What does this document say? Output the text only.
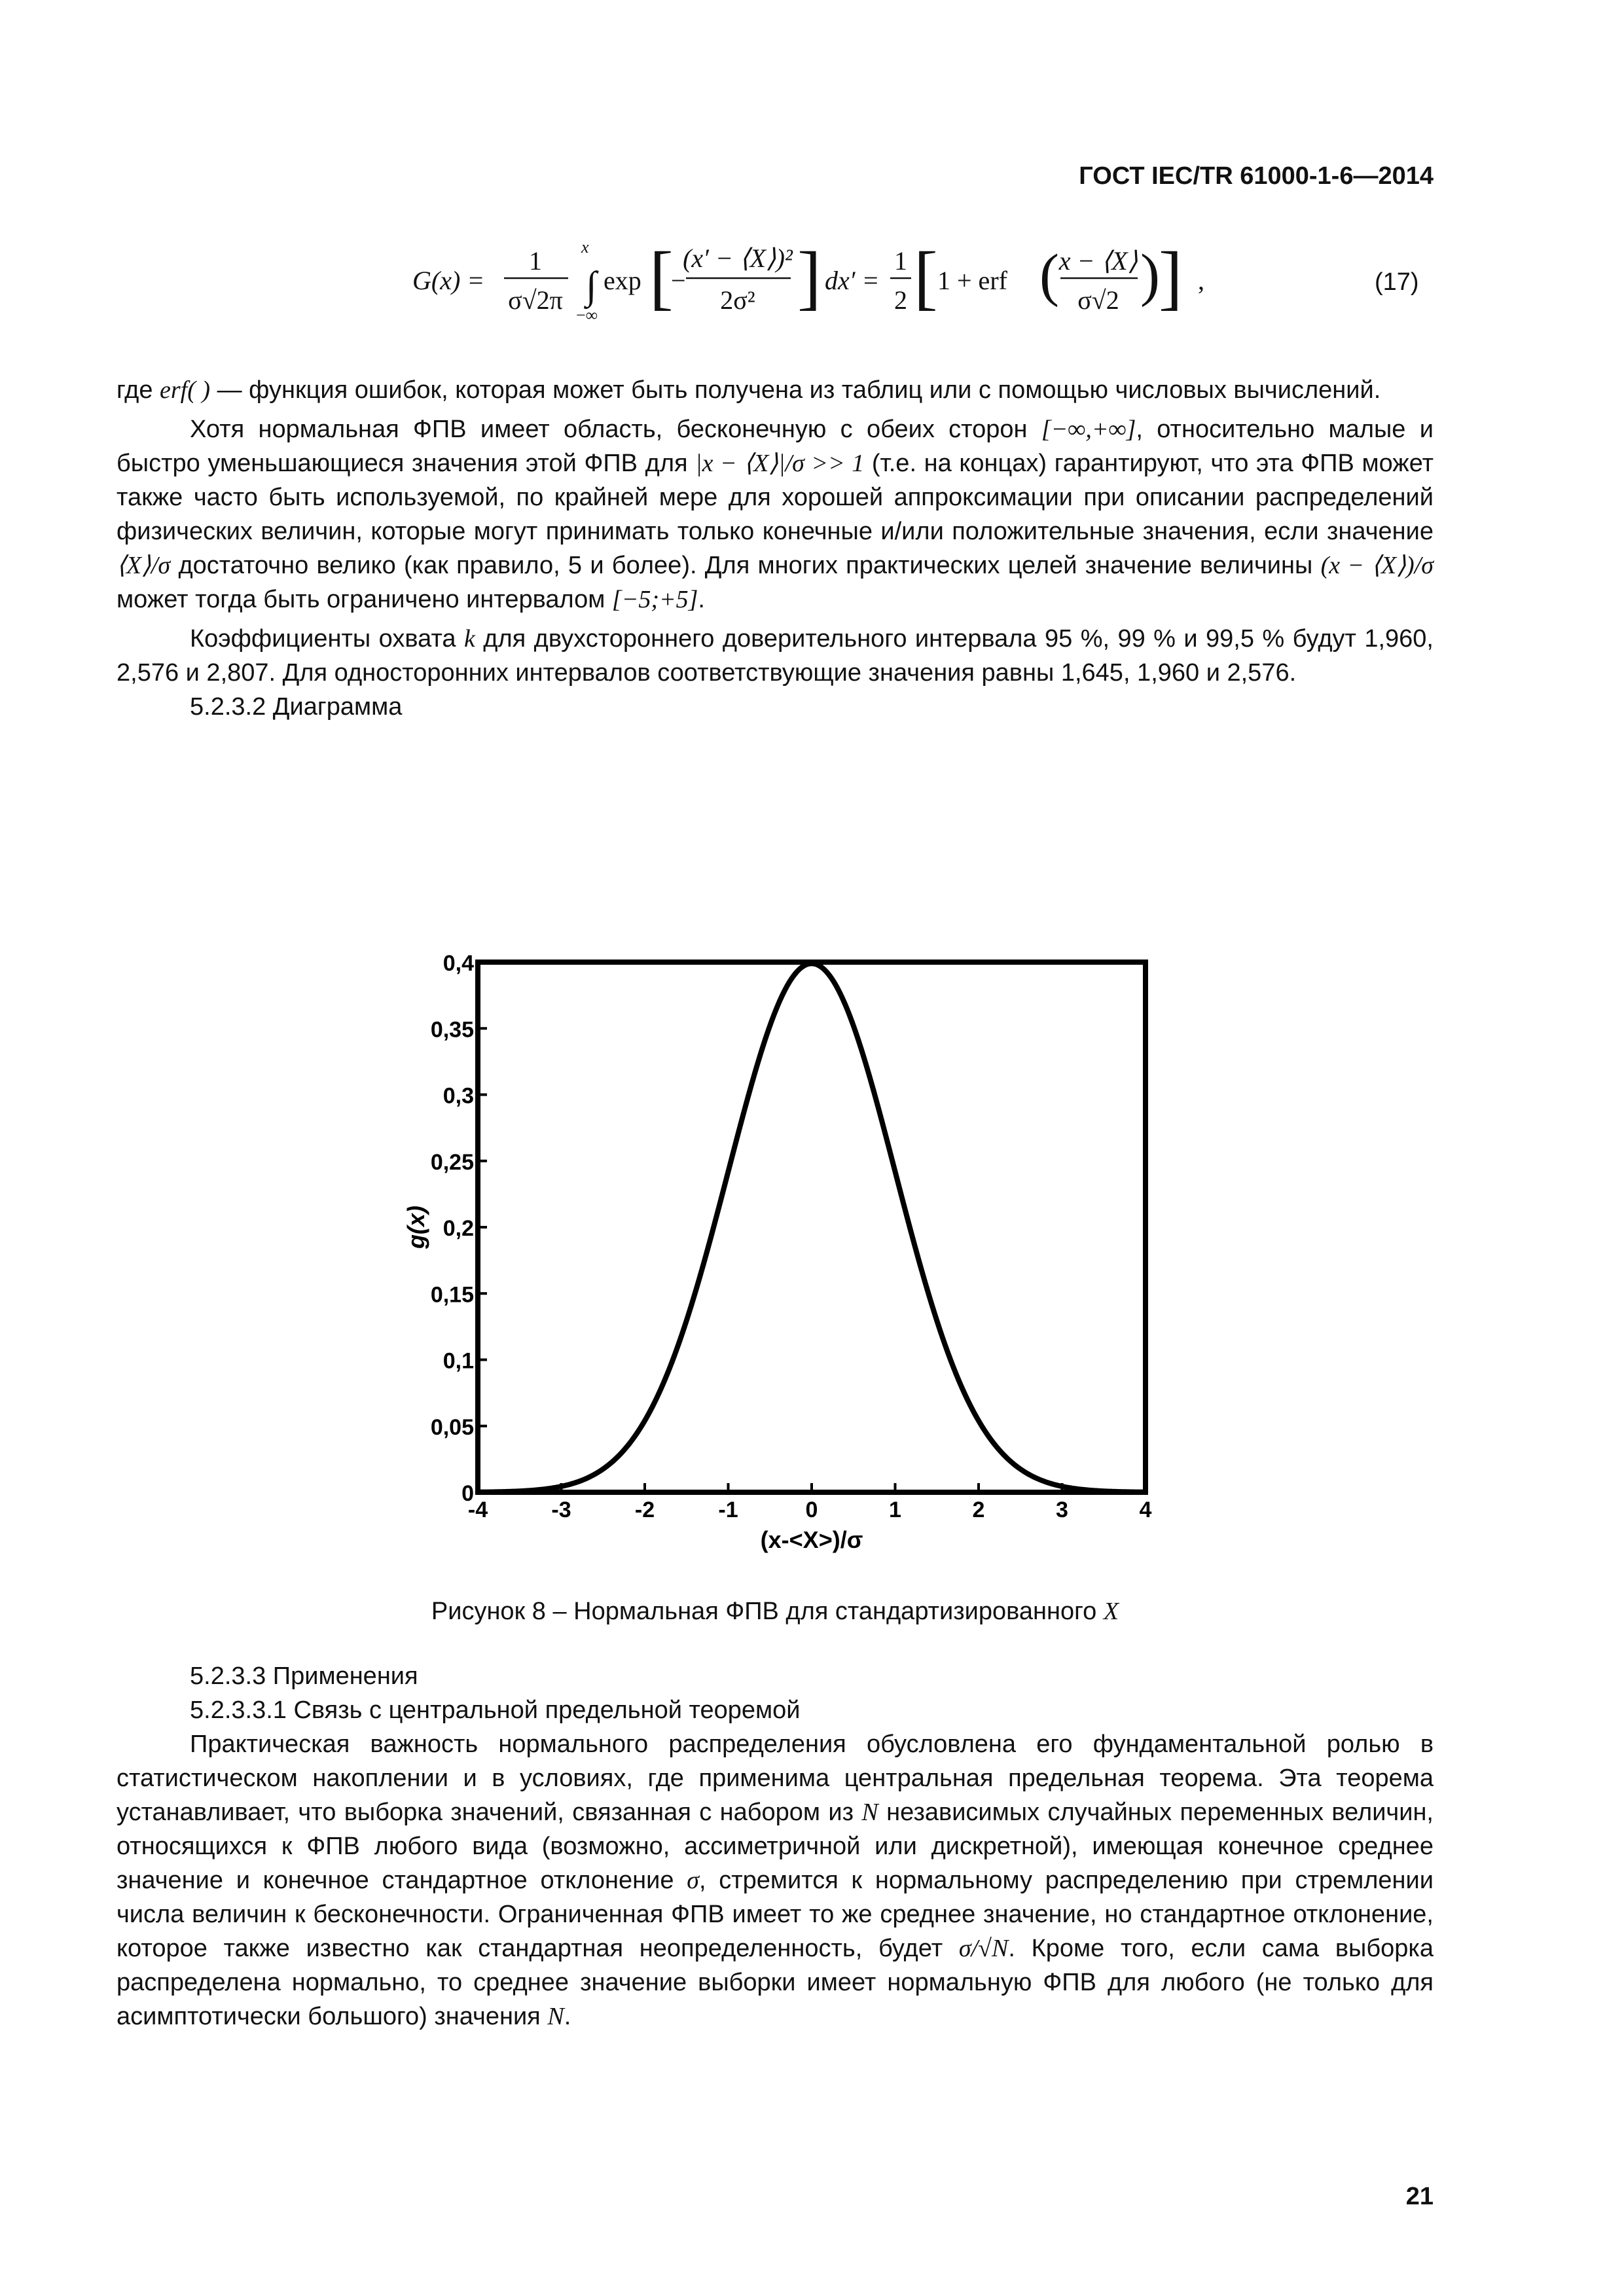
ГОСТ IEC/TR 61000-1-6—2014
G(x) =
1
σ√2π
x
∫
−∞
exp [ (x′ − ⟨X⟩)²
−
2σ² ] dx′ =
1
2 [ 1 + erf ( x − ⟨X⟩
σ√2 )
] ,	(17)

где erf( ) — функция ошибок, которая может быть получена из таблиц или с помощью числовых вычислений.

Хотя нормальная ФПВ имеет область, бесконечную с обеих сторон [−∞,+∞], относительно малые и быстро уменьшающиеся значения этой ФПВ для |x − ⟨X⟩|/σ >> 1 (т.е. на концах) гарантируют, что эта ФПВ может также часто быть используемой, по крайней мере для хорошей аппроксимации при описании распределений физических величин, которые могут принимать только конечные и/или положительные значения, если значение ⟨X⟩/σ достаточно велико (как правило, 5 и более). Для многих практических целей значение величины (x − ⟨X⟩)/σ может тогда быть ограничено интервалом [−5;+5].

Коэффициенты охвата k для двухстороннего доверительного интервала 95 %, 99 % и 99,5 % будут 1,960, 2,576 и 2,807. Для односторонних интервалов соответствующие значения равны 1,645, 1,960 и 2,576.

5.2.3.2 Диаграмма

0
0,05
0,1
0,15
0,2
0,25
0,3
0,35
0,4
-4	-3	-2	-1	0	1	2	3	4
g(x)
(x-<X>)/σ
Рисунок 8 – Нормальная ФПВ для стандартизированного X

5.2.3.3 Применения

5.2.3.3.1 Связь с центральной предельной теоремой

Практическая важность нормального распределения обусловлена его фундаментальной ролью в статистическом накоплении и в условиях, где применима центральная предельная теорема. Эта теорема устанавливает, что выборка значений, связанная с набором из N независимых случайных переменных величин, относящихся к ФПВ любого вида (возможно, ассиметричной или дискретной), имеющая конечное среднее значение и конечное стандартное отклонение σ, стремится к нормальному распределению при стремлении числа величин к бесконечности. Ограниченная ФПВ имеет то же среднее значение, но стандартное отклонение, которое также известно как стандартная неопределенность, будет σ/√N. Кроме того, если сама выборка распределена нормально, то среднее значение выборки имеет нормальную ФПВ для любого (не только для асимптотически большого) значения N.

21
